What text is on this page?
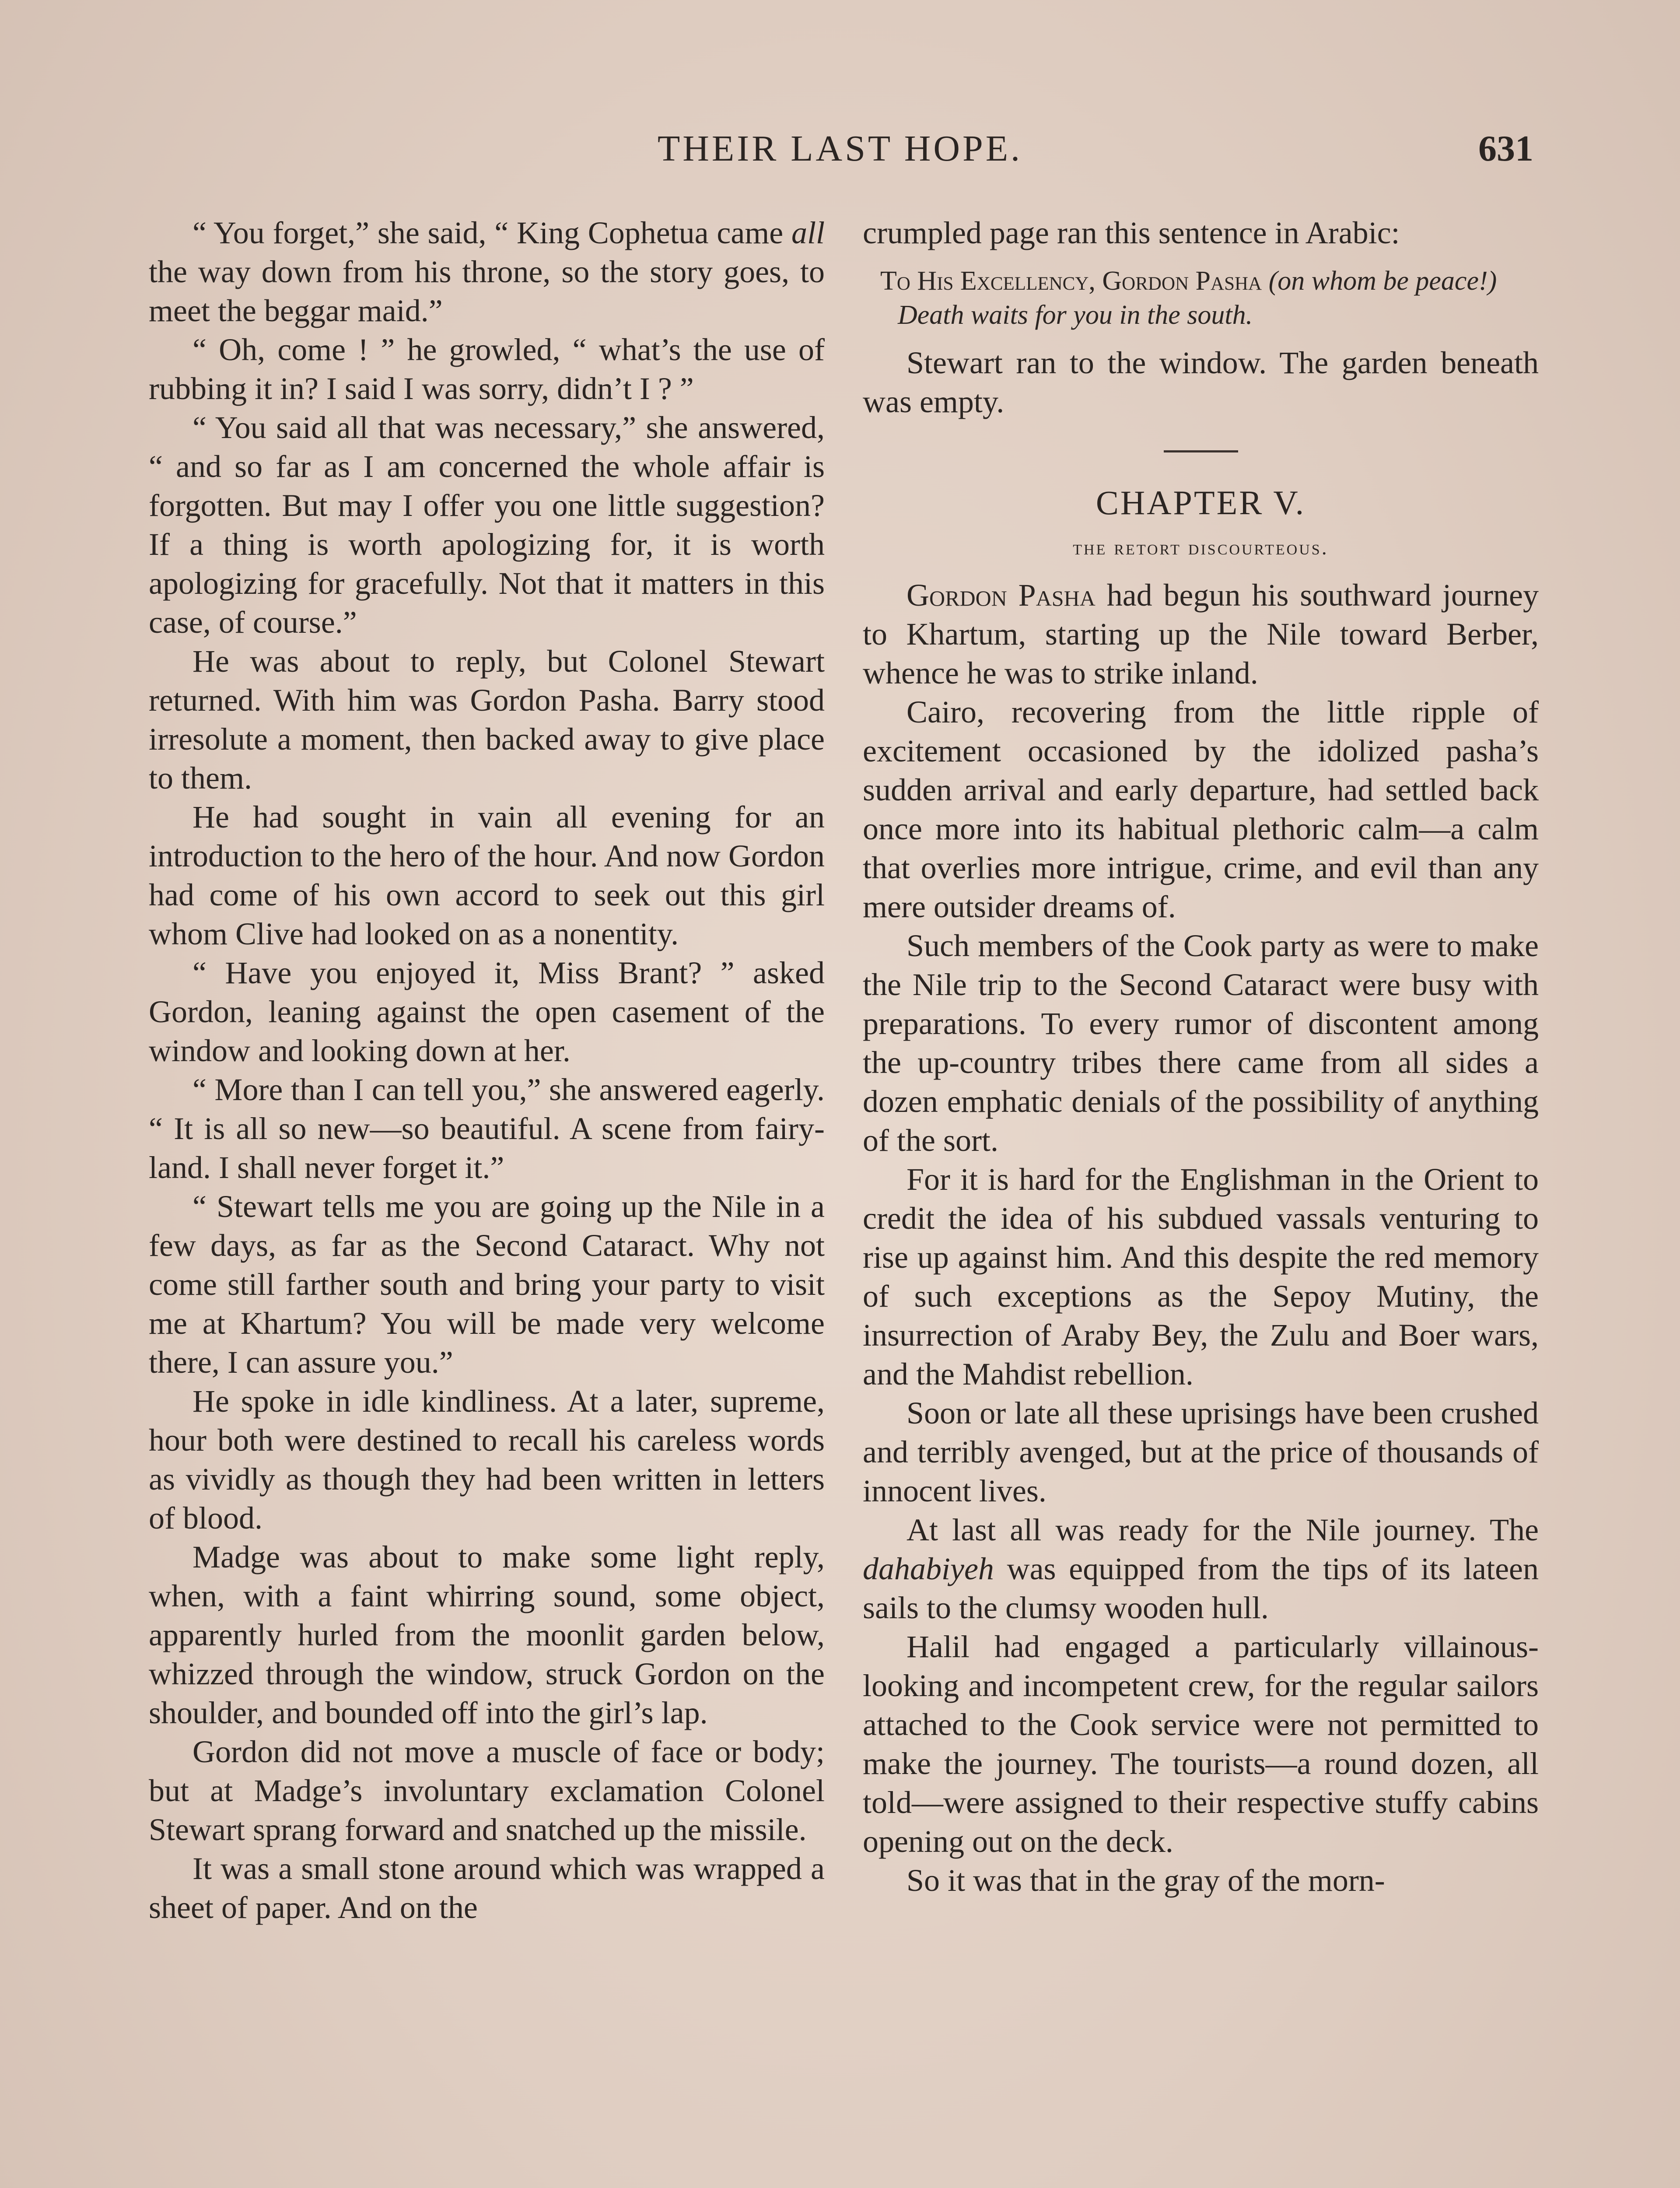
THEIR LAST HOPE.	631

“ You forget,” she said, “ King Cophetua came all the way down from his throne, so the story goes, to meet the beggar maid.”

“ Oh, come ! ” he growled, “ what’s the use of rubbing it in? I said I was sorry, didn’t I ? ”

“ You said all that was necessary,” she answered, “ and so far as I am concerned the whole affair is forgotten. But may I offer you one little suggestion? If a thing is worth apologizing for, it is worth apologizing for gracefully. Not that it matters in this case, of course.”

He was about to reply, but Colonel Stewart returned. With him was Gordon Pasha. Barry stood irresolute a moment, then backed away to give place to them.

He had sought in vain all evening for an introduction to the hero of the hour. And now Gordon had come of his own accord to seek out this girl whom Clive had looked on as a nonentity.

“ Have you enjoyed it, Miss Brant? ” asked Gordon, leaning against the open casement of the window and looking down at her.

“ More than I can tell you,” she answered eagerly. “ It is all so new—so beautiful. A scene from fairy-land. I shall never forget it.”

“ Stewart tells me you are going up the Nile in a few days, as far as the Second Cataract. Why not come still farther south and bring your party to visit me at Khartum? You will be made very welcome there, I can assure you.”

He spoke in idle kindliness. At a later, supreme, hour both were destined to recall his careless words as vividly as though they had been written in letters of blood.

Madge was about to make some light reply, when, with a faint whirring sound, some object, apparently hurled from the moonlit garden below, whizzed through the window, struck Gordon on the shoulder, and bounded off into the girl’s lap.

Gordon did not move a muscle of face or body; but at Madge’s involuntary exclamation Colonel Stewart sprang forward and snatched up the missile.

It was a small stone around which was wrapped a sheet of paper. And on the

crumpled page ran this sentence in Arabic:

To His Excellency, Gordon Pasha (on whom be peace!)
Death waits for you in the south.

Stewart ran to the window. The garden beneath was empty.

CHAPTER V.
the retort discourteous.

Gordon Pasha had begun his southward journey to Khartum, starting up the Nile toward Berber, whence he was to strike inland.

Cairo, recovering from the little ripple of excitement occasioned by the idolized pasha’s sudden arrival and early departure, had settled back once more into its habitual plethoric calm—a calm that overlies more intrigue, crime, and evil than any mere outsider dreams of.

Such members of the Cook party as were to make the Nile trip to the Second Cataract were busy with preparations. To every rumor of discontent among the up-country tribes there came from all sides a dozen emphatic denials of the possibility of anything of the sort.

For it is hard for the Englishman in the Orient to credit the idea of his subdued vassals venturing to rise up against him. And this despite the red memory of such exceptions as the Sepoy Mutiny, the insurrection of Araby Bey, the Zulu and Boer wars, and the Mahdist rebellion.

Soon or late all these uprisings have been crushed and terribly avenged, but at the price of thousands of innocent lives.

At last all was ready for the Nile journey. The dahabiyeh was equipped from the tips of its lateen sails to the clumsy wooden hull.

Halil had engaged a particularly villainous-looking and incompetent crew, for the regular sailors attached to the Cook service were not permitted to make the journey. The tourists—a round dozen, all told—were assigned to their respective stuffy cabins opening out on the deck.

So it was that in the gray of the morn-
